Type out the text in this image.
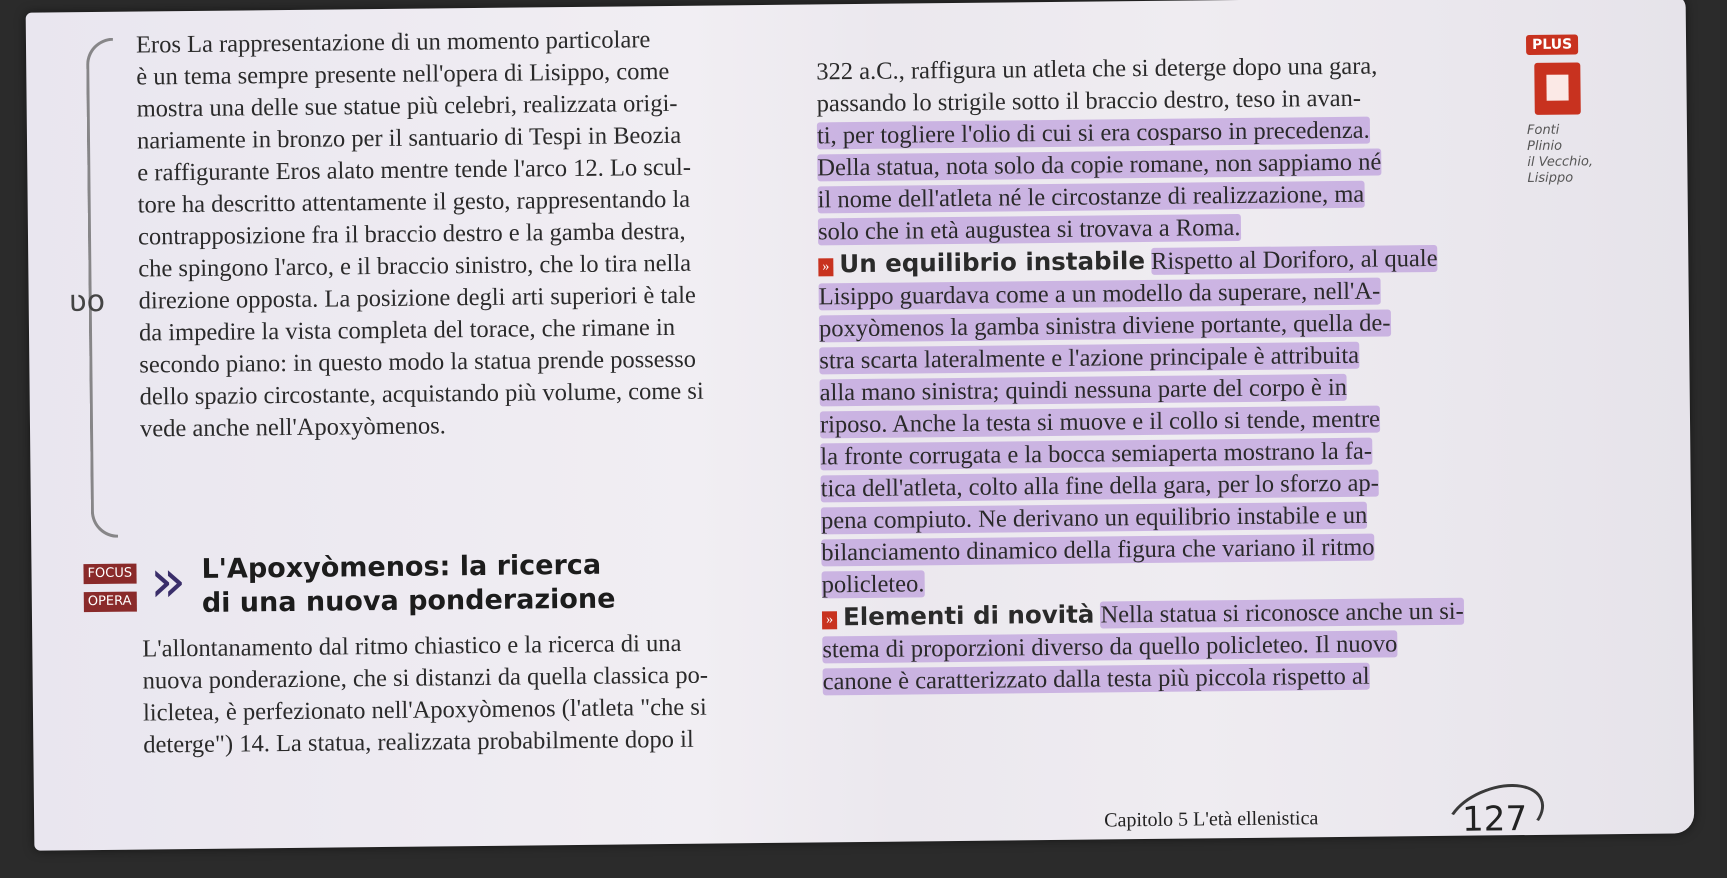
ʋo
Eros La rappresentazione di un momento particolare
è un tema sempre presente nell'opera di Lisippo, come
mostra una delle sue statue più celebri, realizzata origi-
nariamente in bronzo per il santuario di Tespi in Beozia
e raffigurante Eros alato mentre tende l'arco 12. Lo scul-
tore ha descritto attentamente il gesto, rappresentando la
contrapposizione fra il braccio destro e la gamba destra,
che spingono l'arco, e il braccio sinistro, che lo tira nella
direzione opposta. La posizione degli arti superiori è tale
da impedire la vista completa del torace, che rimane in
secondo piano: in questo modo la statua prende possesso
dello spazio circostante, acquistando più volume, come si
vede anche nell'Apoxyòmenos.
FOCUS
OPERA » L'Apoxyòmenos: la ricerca
di una nuova ponderazione
L'allontanamento dal ritmo chiastico e la ricerca di una
nuova ponderazione, che si distanzi da quella classica po-
licletea, è perfezionato nell'Apoxyòmenos (l'atleta "che si
deterge") 14. La statua, realizzata probabilmente dopo il
322 a.C., raffigura un atleta che si deterge dopo una gara,
passando lo strigile sotto il braccio destro, teso in avan-
ti, per togliere l'olio di cui si era cosparso in precedenza.
Della statua, nota solo da copie romane, non sappiamo né
il nome dell'atleta né le circostanze di realizzazione, ma
solo che in età augustea si trovava a Roma.
» Un equilibrio instabile Rispetto al Doriforo, al quale
Lisippo guardava come a un modello da superare, nell'A-
poxyòmenos la gamba sinistra diviene portante, quella de-
stra scarta lateralmente e l'azione principale è attribuita
alla mano sinistra; quindi nessuna parte del corpo è in
riposo. Anche la testa si muove e il collo si tende, mentre
la fronte corrugata e la bocca semiaperta mostrano la fa-
tica dell'atleta, colto alla fine della gara, per lo sforzo ap-
pena compiuto. Ne derivano un equilibrio instabile e un
bilanciamento dinamico della figura che variano il ritmo
policleteo.
» Elementi di novità Nella statua si riconosce anche un si-
stema di proporzioni diverso da quello policleteo. Il nuovo
canone è caratterizzato dalla testa più piccola rispetto al
PLUS
Fonti
Plinio
il Vecchio,
Lisippo
Capitolo 5 L'età ellenistica	127
